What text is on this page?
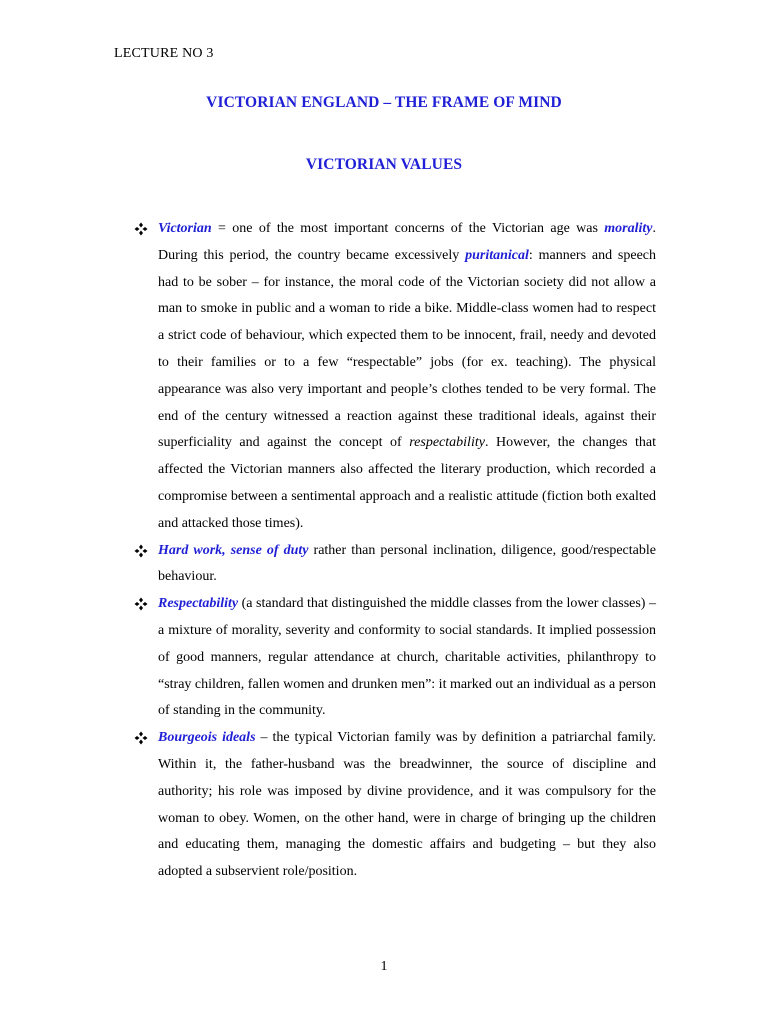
LECTURE NO 3
VICTORIAN ENGLAND – THE FRAME OF MIND
VICTORIAN VALUES
Victorian = one of the most important concerns of the Victorian age was morality. During this period, the country became excessively puritanical: manners and speech had to be sober – for instance, the moral code of the Victorian society did not allow a man to smoke in public and a woman to ride a bike. Middle-class women had to respect a strict code of behaviour, which expected them to be innocent, frail, needy and devoted to their families or to a few “respectable” jobs (for ex. teaching). The physical appearance was also very important and people’s clothes tended to be very formal. The end of the century witnessed a reaction against these traditional ideals, against their superficiality and against the concept of respectability. However, the changes that affected the Victorian manners also affected the literary production, which recorded a compromise between a sentimental approach and a realistic attitude (fiction both exalted and attacked those times).
Hard work, sense of duty rather than personal inclination, diligence, good/respectable behaviour.
Respectability (a standard that distinguished the middle classes from the lower classes) – a mixture of morality, severity and conformity to social standards. It implied possession of good manners, regular attendance at church, charitable activities, philanthropy to “stray children, fallen women and drunken men”: it marked out an individual as a person of standing in the community.
Bourgeois ideals – the typical Victorian family was by definition a patriarchal family. Within it, the father-husband was the breadwinner, the source of discipline and authority; his role was imposed by divine providence, and it was compulsory for the woman to obey. Women, on the other hand, were in charge of bringing up the children and educating them, managing the domestic affairs and budgeting – but they also adopted a subservient role/position.
1
